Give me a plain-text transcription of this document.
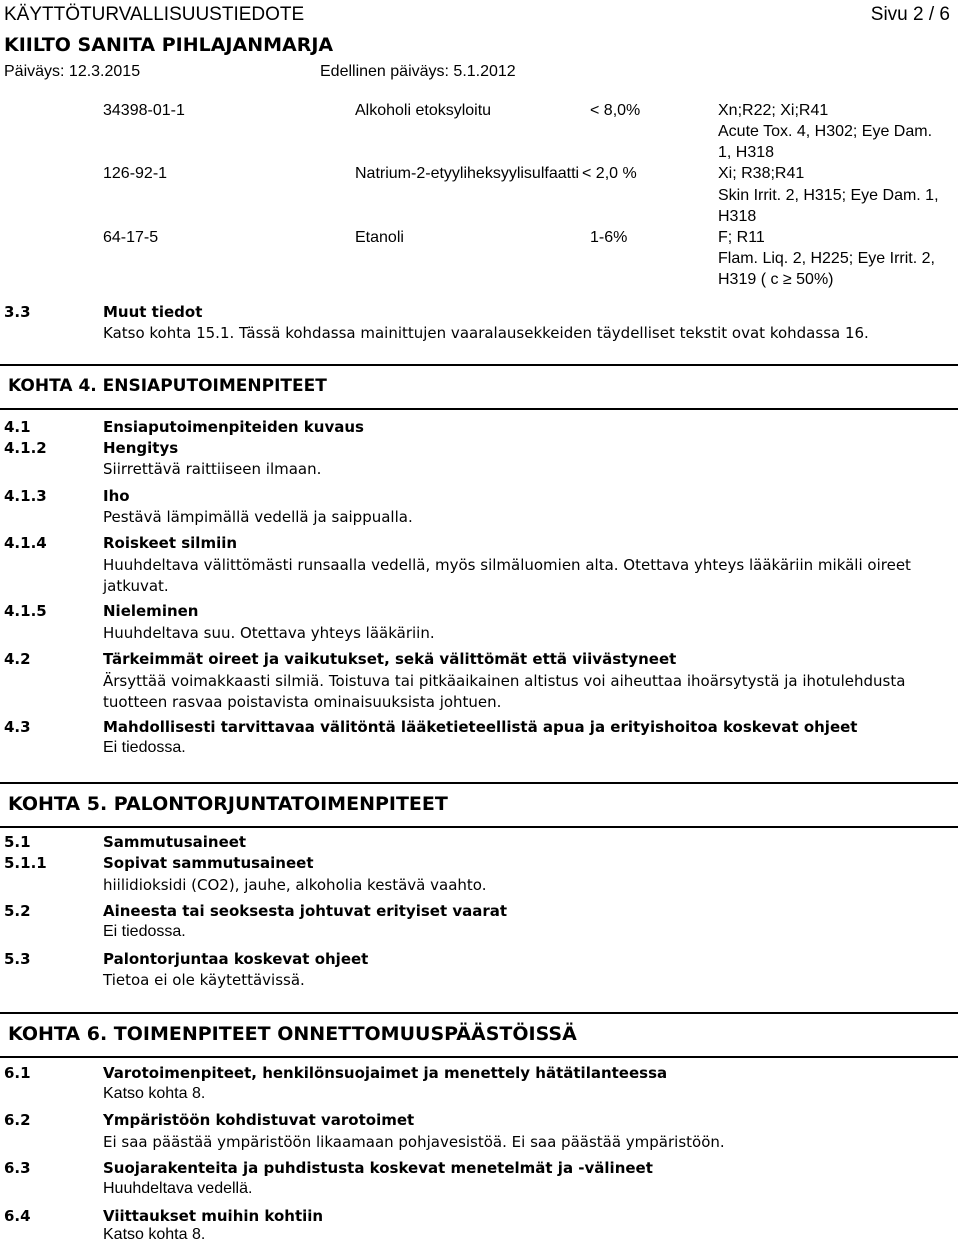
KÄYTTÖTURVALLISUUSTIEDOTE	Sivu 2 / 6
KIILTO SANITA PIHLAJANMARJA
Päiväys: 12.3.2015	Edellinen päiväys: 5.1.2012
34398-01-1	Alkoholi etoksyloitu	< 8,0%	Xn;R22; Xi;R41
Acute Tox. 4, H302; Eye Dam.
1, H318
126-92-1	Natrium-2-etyyliheksyylisulfaatti < 2,0 %	Xi; R38;R41
Skin Irrit. 2, H315; Eye Dam. 1,
H318
64-17-5	Etanoli	1-6%	F; R11
Flam. Liq. 2, H225; Eye Irrit. 2,
H319 ( c ≥ 50%)
3.3	Muut tiedot
Katso kohta 15.1. Tässä kohdassa mainittujen vaaralausekkeiden täydelliset tekstit ovat kohdassa 16.
KOHTA 4. ENSIAPUTOIMENPITEET
4.1	Ensiaputoimenpiteiden kuvaus
4.1.2	Hengitys
Siirrettävä raittiiseen ilmaan.
4.1.3	Iho
Pestävä lämpimällä vedellä ja saippualla.
4.1.4	Roiskeet silmiin
Huuhdeltava välittömästi runsaalla vedellä, myös silmäluomien alta. Otettava yhteys lääkäriin mikäli oireet jatkuvat.
4.1.5	Nieleminen
Huuhdeltava suu. Otettava yhteys lääkäriin.
4.2	Tärkeimmät oireet ja vaikutukset, sekä välittömät että viivästyneet
Ärsyttää voimakkaasti silmiä. Toistuva tai pitkäaikainen altistus voi aiheuttaa ihoärsytystä ja ihotulehdusta tuotteen rasvaa poistavista ominaisuuksista johtuen.
4.3	Mahdollisesti tarvittavaa välitöntä lääketieteellistä apua ja erityishoitoa koskevat ohjeet
Ei tiedossa.
KOHTA 5. PALONTORJUNTATOIMENPITEET
5.1	Sammutusaineet
5.1.1	Sopivat sammutusaineet
hiilidioksidi (CO2), jauhe, alkoholia kestävä vaahto.
5.2	Aineesta tai seoksesta johtuvat erityiset vaarat
Ei tiedossa.
5.3	Palontorjuntaa koskevat ohjeet
Tietoa ei ole käytettävissä.
KOHTA 6. TOIMENPITEET ONNETTOMUUSPÄÄSTÖISSÄ
6.1	Varotoimenpiteet, henkilönsuojaimet ja menettely hätätilanteessa
Katso kohta 8.
6.2	Ympäristöön kohdistuvat varotoimet
Ei saa päästää ympäristöön likaamaan pohjavesistöä. Ei saa päästää ympäristöön.
6.3	Suojarakenteita ja puhdistusta koskevat menetelmät ja -välineet
Huuhdeltava vedellä.
6.4	Viittaukset muihin kohtiin
Katso kohta 8.
